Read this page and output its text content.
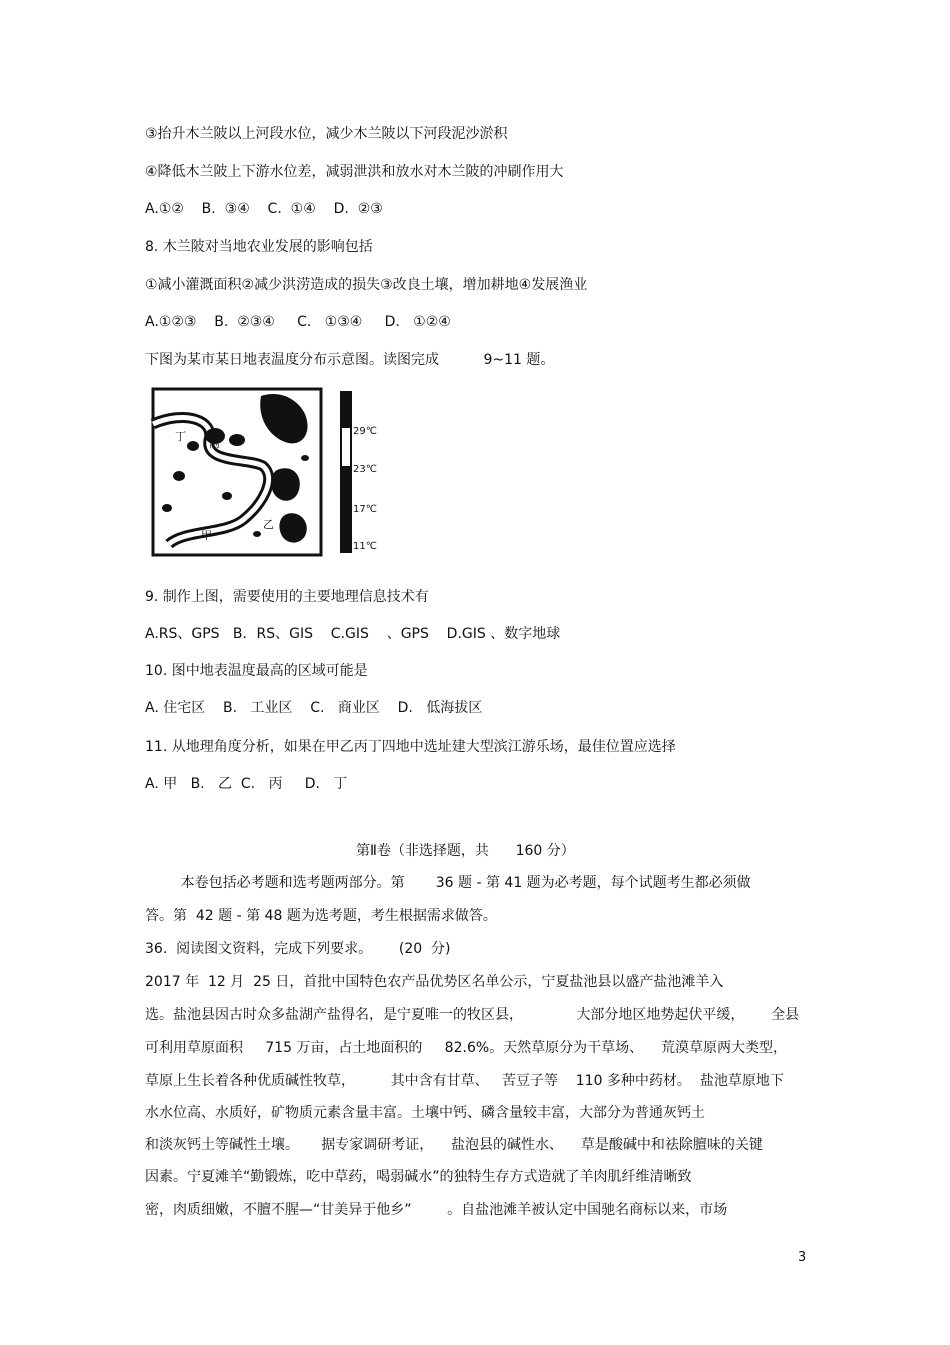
③抬升木兰陂以上河段水位，减少木兰陂以下河段泥沙淤积
④降低木兰陂上下游水位差，减弱泄洪和放水对木兰陂的冲刷作用大
A.①②    B.  ③④    C.  ①④    D.  ②③
8. 木兰陂对当地农业发展的影响包括
①减小灌溉面积②减少洪涝造成的损失③改良土壤，增加耕地④发展渔业
A.①②③    B.  ②③④     C.   ①③④     D.   ①②④
下图为某市某日地表温度分布示意图。读图完成          9~11 题。
29℃
23℃
17℃
11℃
甲
乙
丙
丁
9. 制作上图，需要使用的主要地理信息技术有
A.RS、GPS   B．RS、GIS    C.GIS    、GPS    D.GIS 、数字地球
10. 图中地表温度最高的区域可能是
A. 住宅区    B.   工业区    C.   商业区    D.   低海拔区
11. 从地理角度分析，如果在甲乙丙丁四地中选址建大型滨江游乐场，最佳位置应选择
A. 甲   B.   乙  C.   丙     D.   丁
第Ⅱ卷（非选择题，共      160 分）
本卷包括必考题和选考题两部分。第       36 题 - 第 41 题为必考题，每个试题考生都必须做
答。第  42 题 - 第 48 题为选考题，考生根据需求做答。
36.  阅读图文资料，完成下列要求。      (20  分)
2017 年  12 月  25 日，首批中国特色农产品优势区名单公示，宁夏盐池县以盛产盐池滩羊入
选。盐池县因古时众多盐湖产盐得名，是宁夏唯一的牧区县，            大部分地区地势起伏平缓，      全县
可利用草原面积     715 万亩，占土地面积的     82.6%。天然草原分为干草场、    荒漠草原两大类型，
草原上生长着各种优质碱性牧草，        其中含有甘草、   苦豆子等    110 多种中药材。  盐池草原地下
水水位高、水质好，矿物质元素含量丰富。土壤中钙、磷含量较丰富，大部分为普通灰钙土
和淡灰钙土等碱性土壤。     据专家调研考证，    盐泡县的碱性水、    草是酸碱中和祛除膻味的关键
因素。宁夏滩羊“勤锻炼，吃中草药，喝弱碱水”的独特生存方式造就了羊肉肌纤维清晰致
密，肉质细嫩，不膻不腥—“甘美异于他乡”        。自盐池滩羊被认定中国驰名商标以来，市场
3
